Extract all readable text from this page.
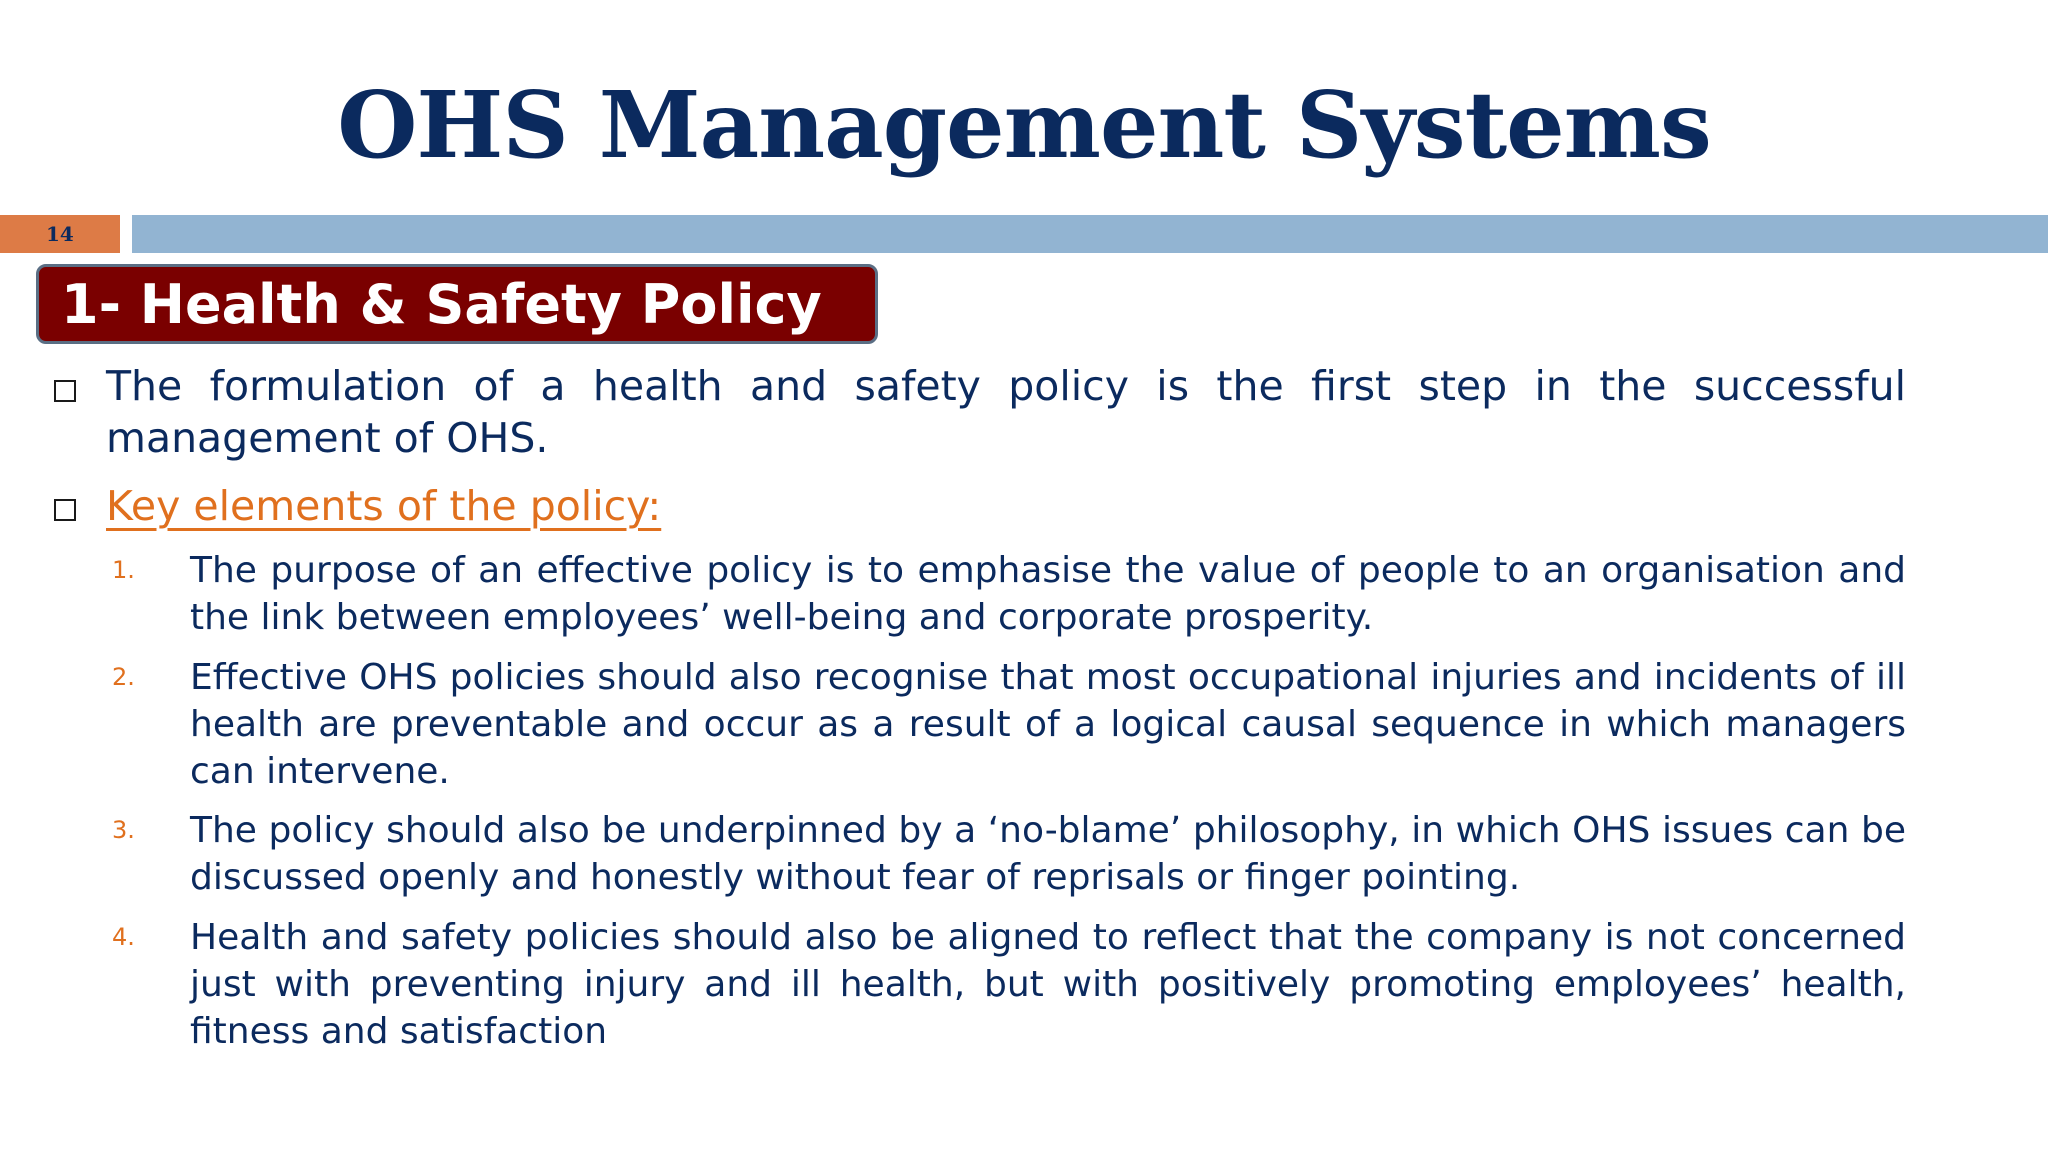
OHS Management Systems
14
1- Health & Safety Policy
The formulation of a health and safety policy is the first step in the successful management of OHS.
Key elements of the policy:
1. The purpose of an effective policy is to emphasise the value of people to an organisation and the link between employees’ well-being and corporate prosperity.
2. Effective OHS policies should also recognise that most occupational injuries and incidents of ill health are preventable and occur as a result of a logical causal sequence in which managers can intervene.
3. The policy should also be underpinned by a ‘no-blame’ philosophy, in which OHS issues can be discussed openly and honestly without fear of reprisals or finger pointing.
4. Health and safety policies should also be aligned to reflect that the company is not concerned just with preventing injury and ill health, but with positively promoting employees’ health, fitness and satisfaction
